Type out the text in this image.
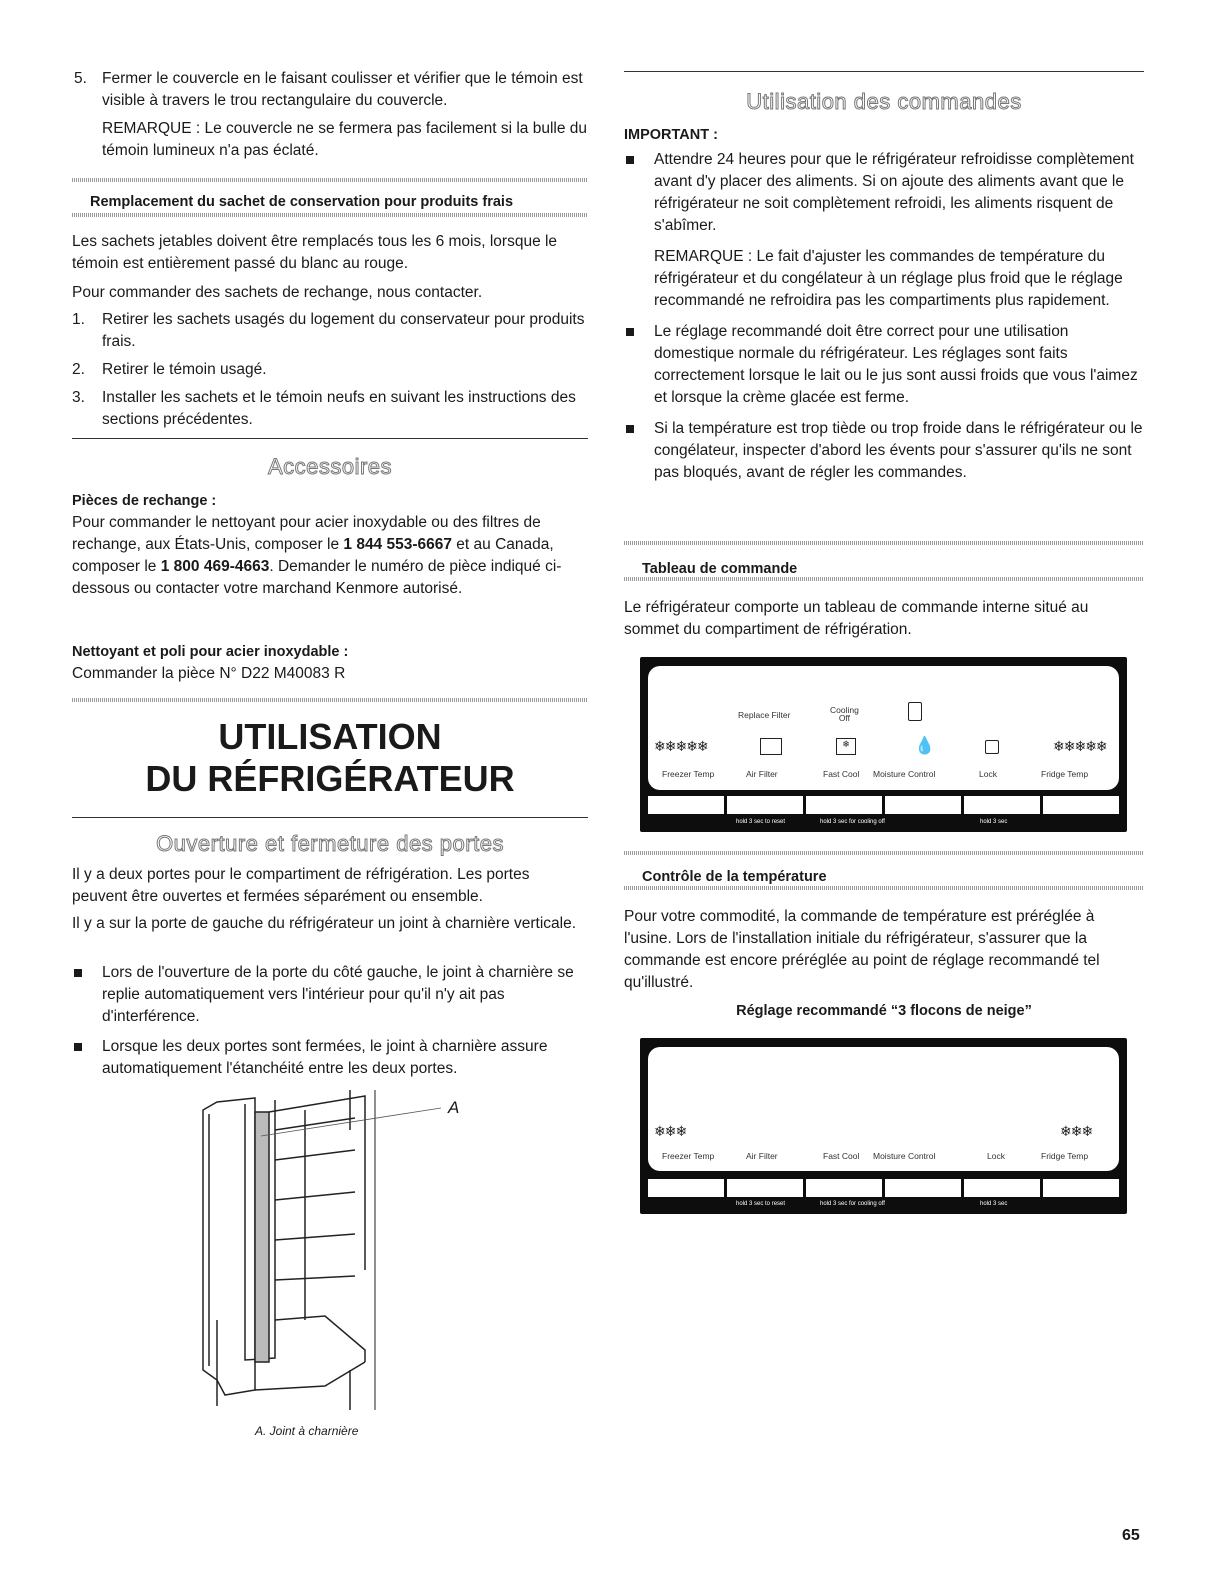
5. Fermer le couvercle en le faisant coulisser et vérifier que le témoin est visible à travers le trou rectangulaire du couvercle.

REMARQUE : Le couvercle ne se fermera pas facilement si la bulle du témoin lumineux n'a pas éclaté.

Remplacement du sachet de conservation pour produits frais

Les sachets jetables doivent être remplacés tous les 6 mois, lorsque le témoin est entièrement passé du blanc au rouge.

Pour commander des sachets de rechange, nous contacter.

1. Retirer les sachets usagés du logement du conservateur pour produits frais.

2. Retirer le témoin usagé.

3. Installer les sachets et le témoin neufs en suivant les instructions des sections précédentes.

Accessoires

Pièces de rechange :

Pour commander le nettoyant pour acier inoxydable ou des filtres de rechange, aux États-Unis, composer le 1 844 553-6667 et au Canada, composer le 1 800 469-4663. Demander le numéro de pièce indiqué ci-dessous ou contacter votre marchand Kenmore autorisé.

Nettoyant et poli pour acier inoxydable :

Commander la pièce N° D22 M40083 R

UTILISATION

DU RÉFRIGÉRATEUR

Ouverture et fermeture des portes

Il y a deux portes pour le compartiment de réfrigération. Les portes peuvent être ouvertes et fermées séparément ou ensemble.

Il y a sur la porte de gauche du réfrigérateur un joint à charnière verticale.

Lors de l'ouverture de la porte du côté gauche, le joint à charnière se replie automatiquement vers l'intérieur pour qu'il n'y ait pas d'interférence.

Lorsque les deux portes sont fermées, le joint à charnière assure automatiquement l'étanchéité entre les deux portes.

A

A. Joint à charnière

Utilisation des commandes

IMPORTANT :

Attendre 24 heures pour que le réfrigérateur refroidisse complètement avant d'y placer des aliments. Si on ajoute des aliments avant que le réfrigérateur ne soit complètement refroidi, les aliments risquent de s'abîmer.

REMARQUE : Le fait d'ajuster les commandes de température du réfrigérateur et du congélateur à un réglage plus froid que le réglage recommandé ne refroidira pas les compartiments plus rapidement.

Le réglage recommandé doit être correct pour une utilisation domestique normale du réfrigérateur. Les réglages sont faits correctement lorsque le lait ou le jus sont aussi froids que vous l'aimez et lorsque la crème glacée est ferme.

Si la température est trop tiède ou trop froide dans le réfrigérateur ou le congélateur, inspecter d'abord les évents pour s'assurer qu'ils ne sont pas bloqués, avant de régler les commandes.

Tableau de commande

Le réfrigérateur comporte un tableau de commande interne situé au sommet du compartiment de réfrigération.

Contrôle de la température

Pour votre commodité, la commande de température est préréglée à l'usine. Lors de l'installation initiale du réfrigérateur, s'assurer que la commande est encore préréglée au point de réglage recommandé tel qu'illustré.

Réglage recommandé “3 flocons de neige”

Replace Filter	Cooling
Off
❄❄❄❄❄	❄	💧	❄❄❄❄❄
Freezer Temp	Air Filter	Fast Cool Moisture Control	Lock	Fridge Temp
hold 3 sec to reset	hold 3 sec for cooling off	hold 3 sec
❄❄❄	❄❄❄
Freezer Temp	Air Filter	Fast Cool Moisture Control	Lock	Fridge Temp
hold 3 sec to reset	hold 3 sec for cooling off	hold 3 sec

65
